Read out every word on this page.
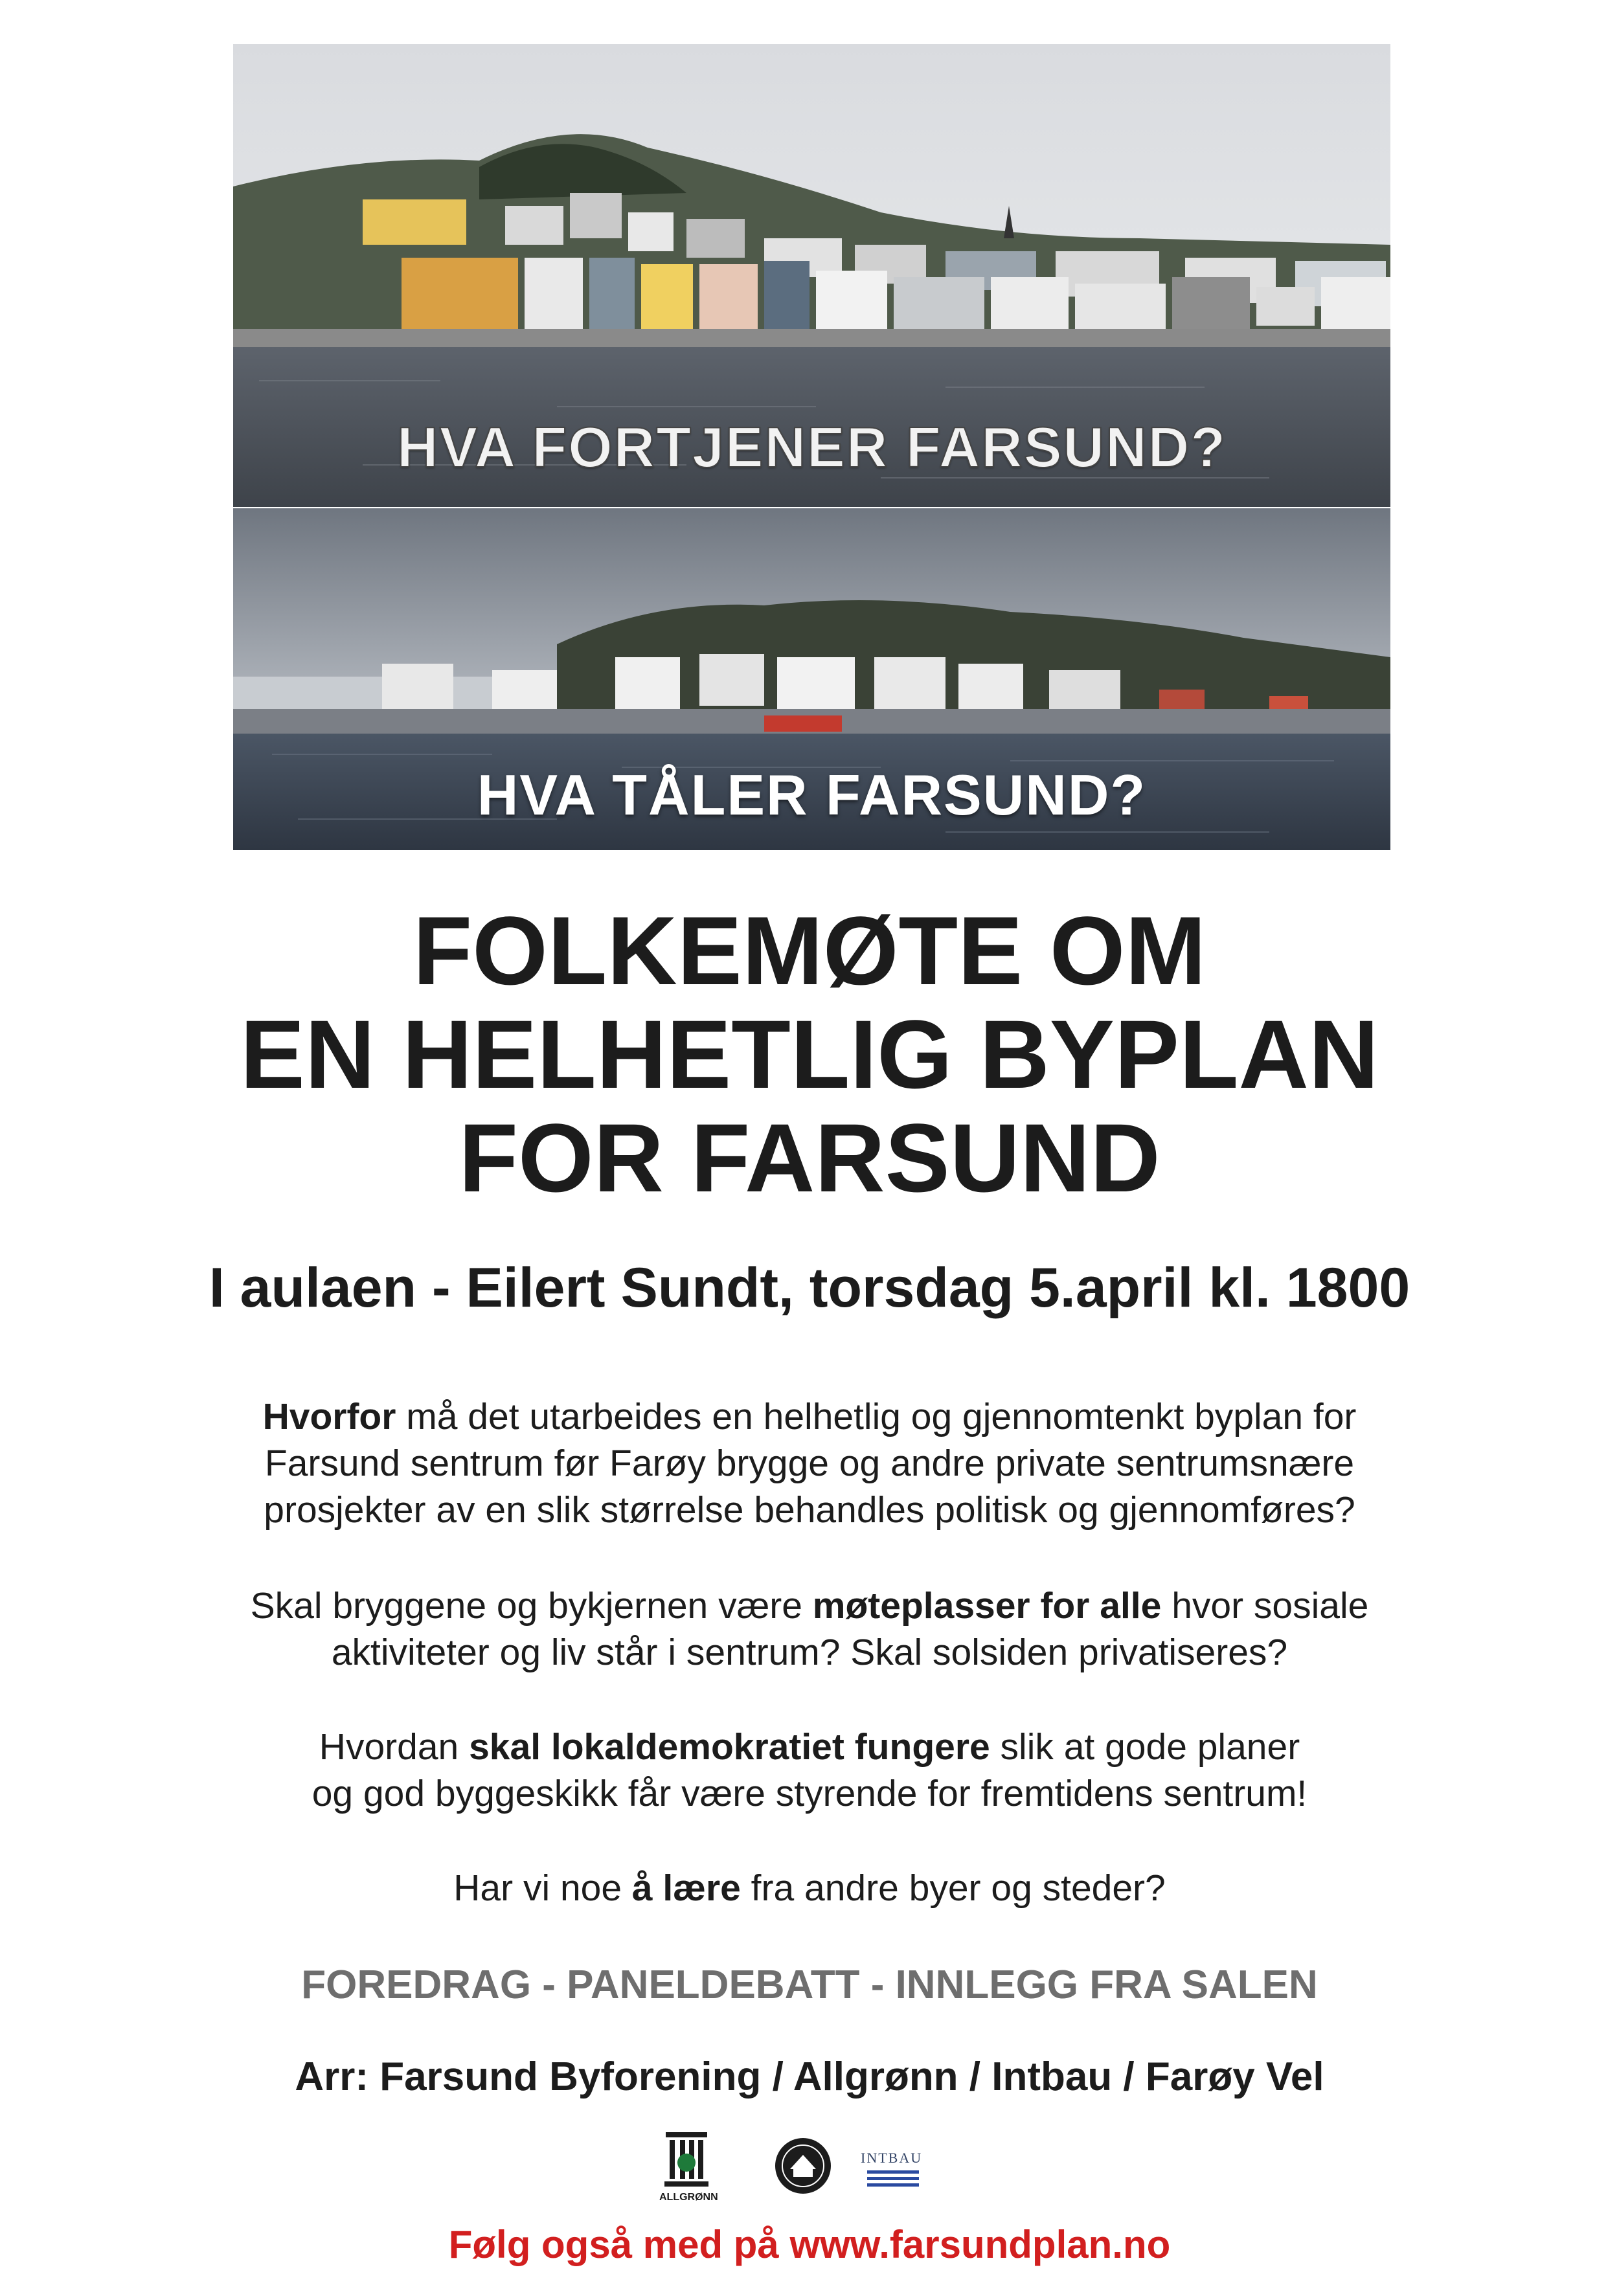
HVA FORTJENER FARSUND?
HVA TÅLER FARSUND?
FOLKEMØTE OM
EN HELHETLIG BYPLAN
FOR FARSUND
I aulaen - Eilert Sundt, torsdag 5.april kl. 1800
Hvorfor må det utarbeides en helhetlig og gjennomtenkt byplan for
Farsund sentrum før Farøy brygge og andre private sentrumsnære
prosjekter av en slik størrelse behandles politisk og gjennomføres?
Skal bryggene og bykjernen være møteplasser for alle hvor sosiale
aktiviteter og liv står i sentrum? Skal solsiden privatiseres?
Hvordan skal lokaldemokratiet fungere slik at gode planer
og god byggeskikk får være styrende for fremtidens sentrum!
Har vi noe å lære fra andre byer og steder?
FOREDRAG - PANELDEBATT - INNLEGG FRA SALEN
Arr: Farsund Byforening / Allgrønn / Intbau / Farøy Vel
ALLGRØNN
INTBAU
Følg også med på www.farsundplan.no
